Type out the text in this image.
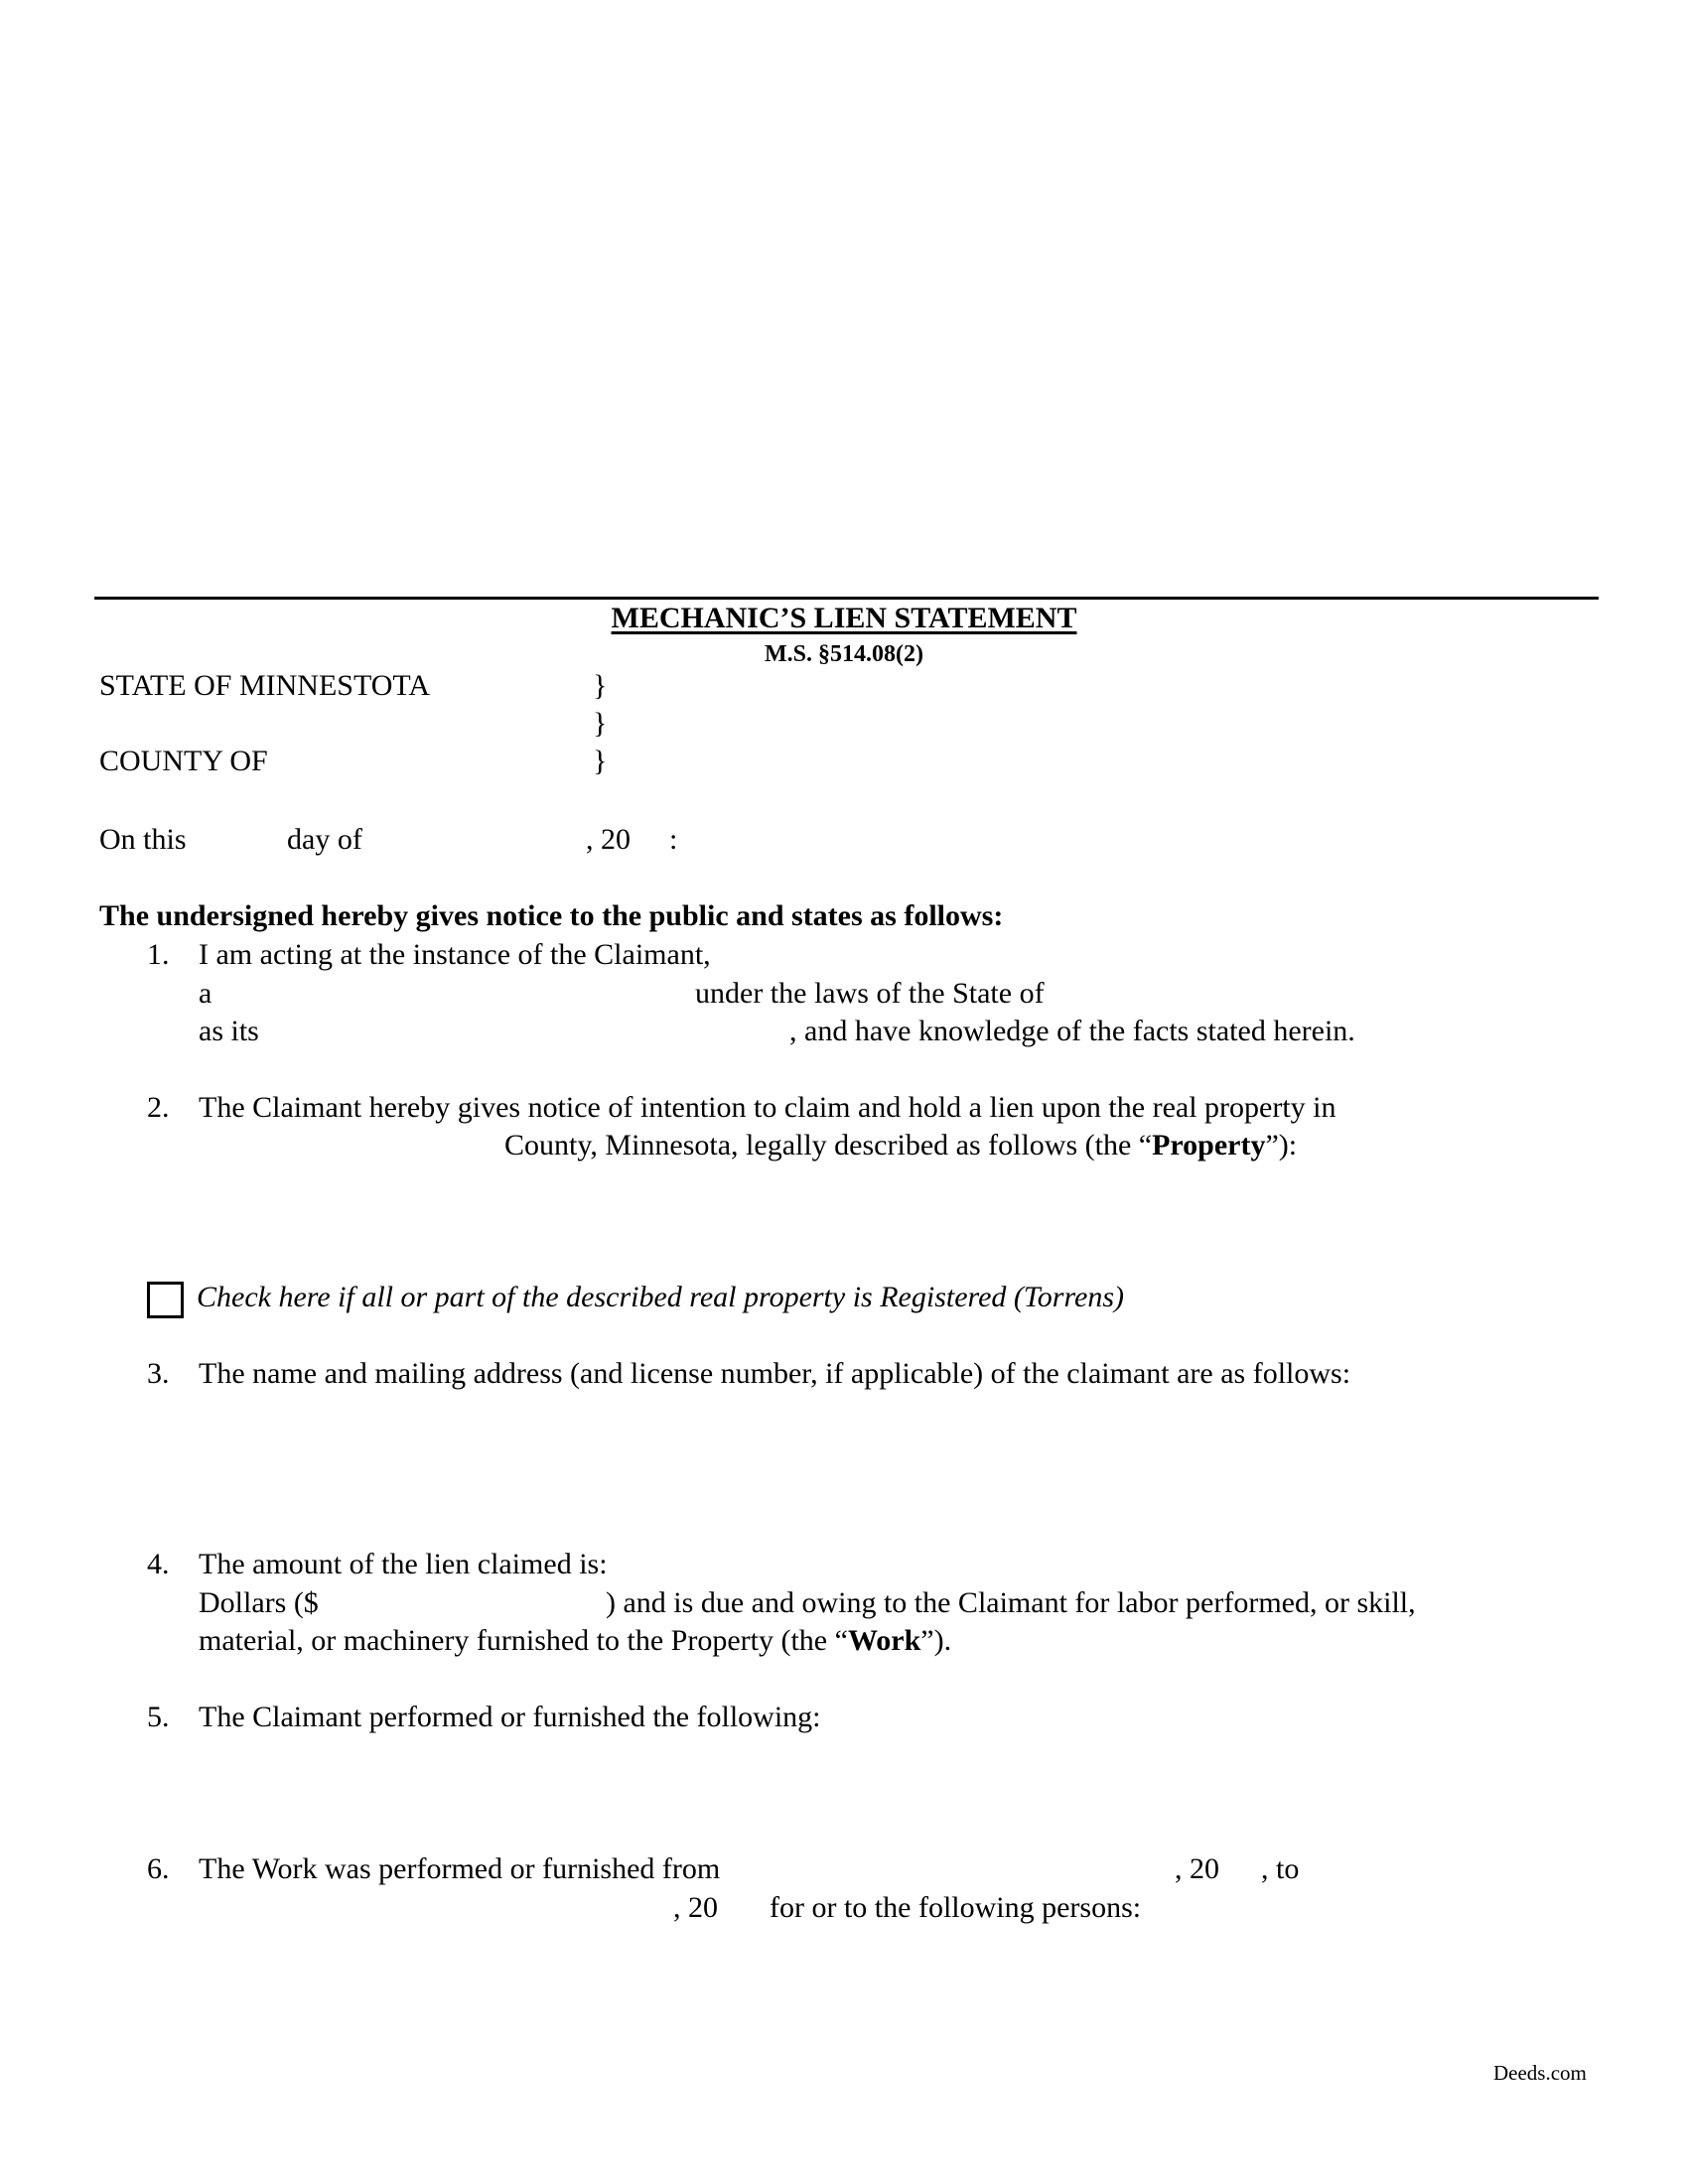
MECHANIC’S LIEN STATEMENT
M.S. §514.08(2)
STATE OF MINNESTOTA	}
}
COUNTY OF	}
On this	day of	, 20 :
The undersigned hereby gives notice to the public and states as follows:
1. I am acting at the instance of the Claimant,
a	under the laws of the State of
as its	, and have knowledge of the facts stated herein.
2. The Claimant hereby gives notice of intention to claim and hold a lien upon the real property in
County, Minnesota, legally described as follows (the “Property”):
Check here if all or part of the described real property is Registered (Torrens)
3. The name and mailing address (and license number, if applicable) of the claimant are as follows:
4. The amount of the lien claimed is:
Dollars ($	) and is due and owing to the Claimant for labor performed, or skill,
material, or machinery furnished to the Property (the “Work”).
5. The Claimant performed or furnished the following:
6. The Work was performed or furnished from	, 20 , to
, 20 for or to the following persons:
Deeds.com
